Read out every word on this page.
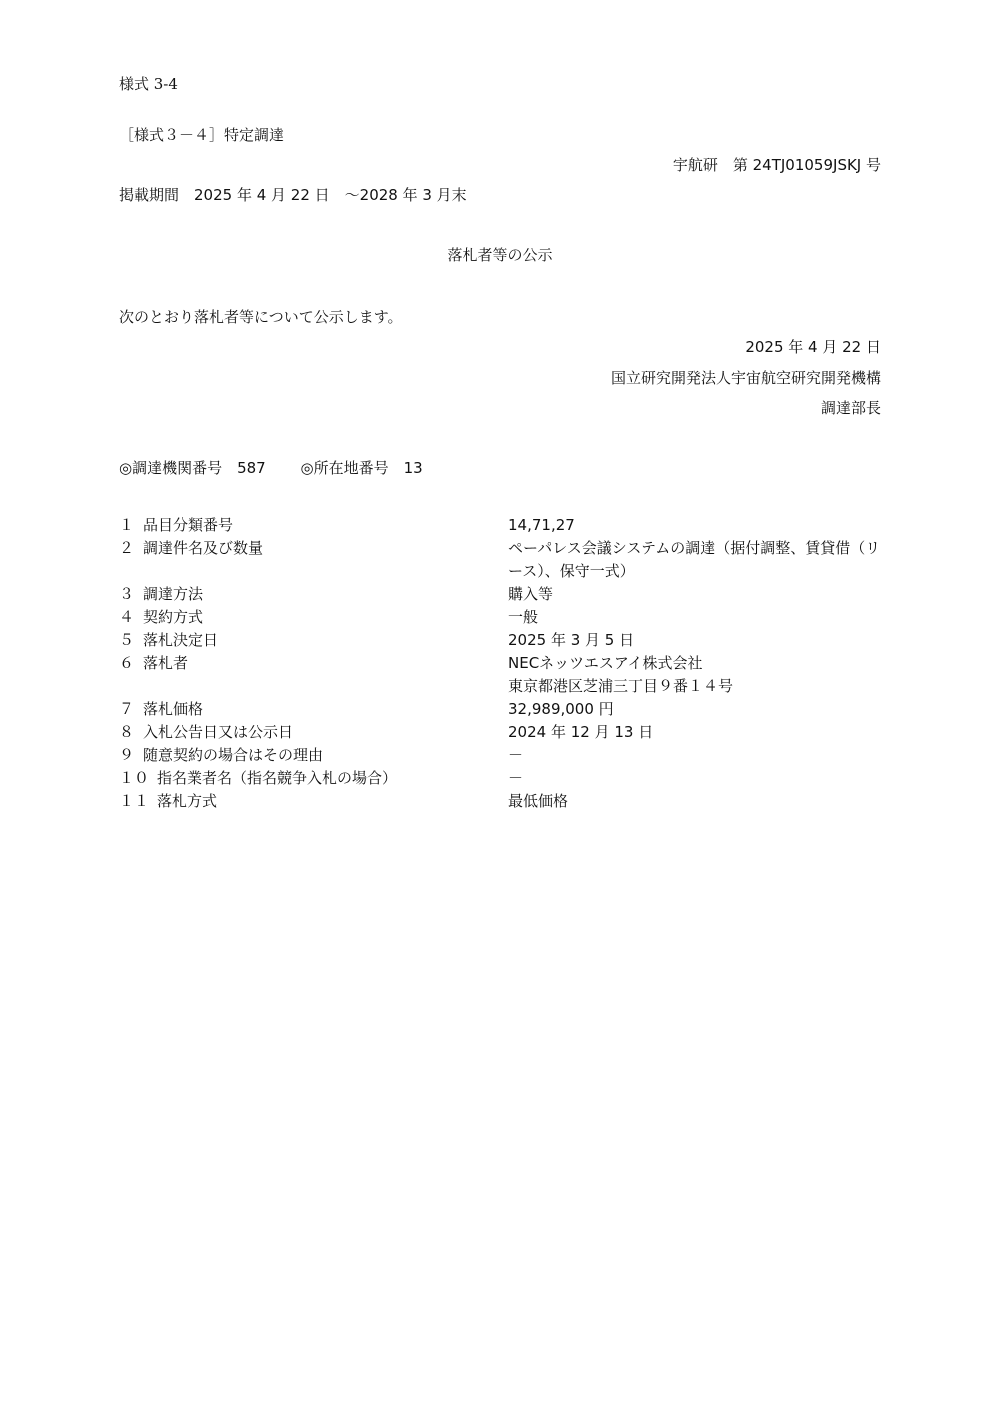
様式 3-4
［様式３－４］特定調達
宇航研　第 24TJ01059JSKJ 号
掲載期間　2025 年 4 月 22 日　～2028 年 3 月末
落札者等の公示
次のとおり落札者等について公示します。
2025 年 4 月 22 日
国立研究開発法人宇宙航空研究開発機構
調達部長
◎調達機関番号　587　　 ◎所在地番号　13
１ 品目分類番号	14,71,27
２ 調達件名及び数量	ペーパレス会議システムの調達（据付調整、賃貸借（リース）、保守一式）
３ 調達方法	購入等
４ 契約方式	一般
５ 落札決定日	2025 年 3 月 5 日
６ 落札者	NECネッツエスアイ株式会社
東京都港区芝浦三丁目９番１４号
７ 落札価格	32,989,000 円
８ 入札公告日又は公示日	2024 年 12 月 13 日
９ 随意契約の場合はその理由	－
１０ 指名業者名（指名競争入札の場合）	－
１１ 落札方式	最低価格
